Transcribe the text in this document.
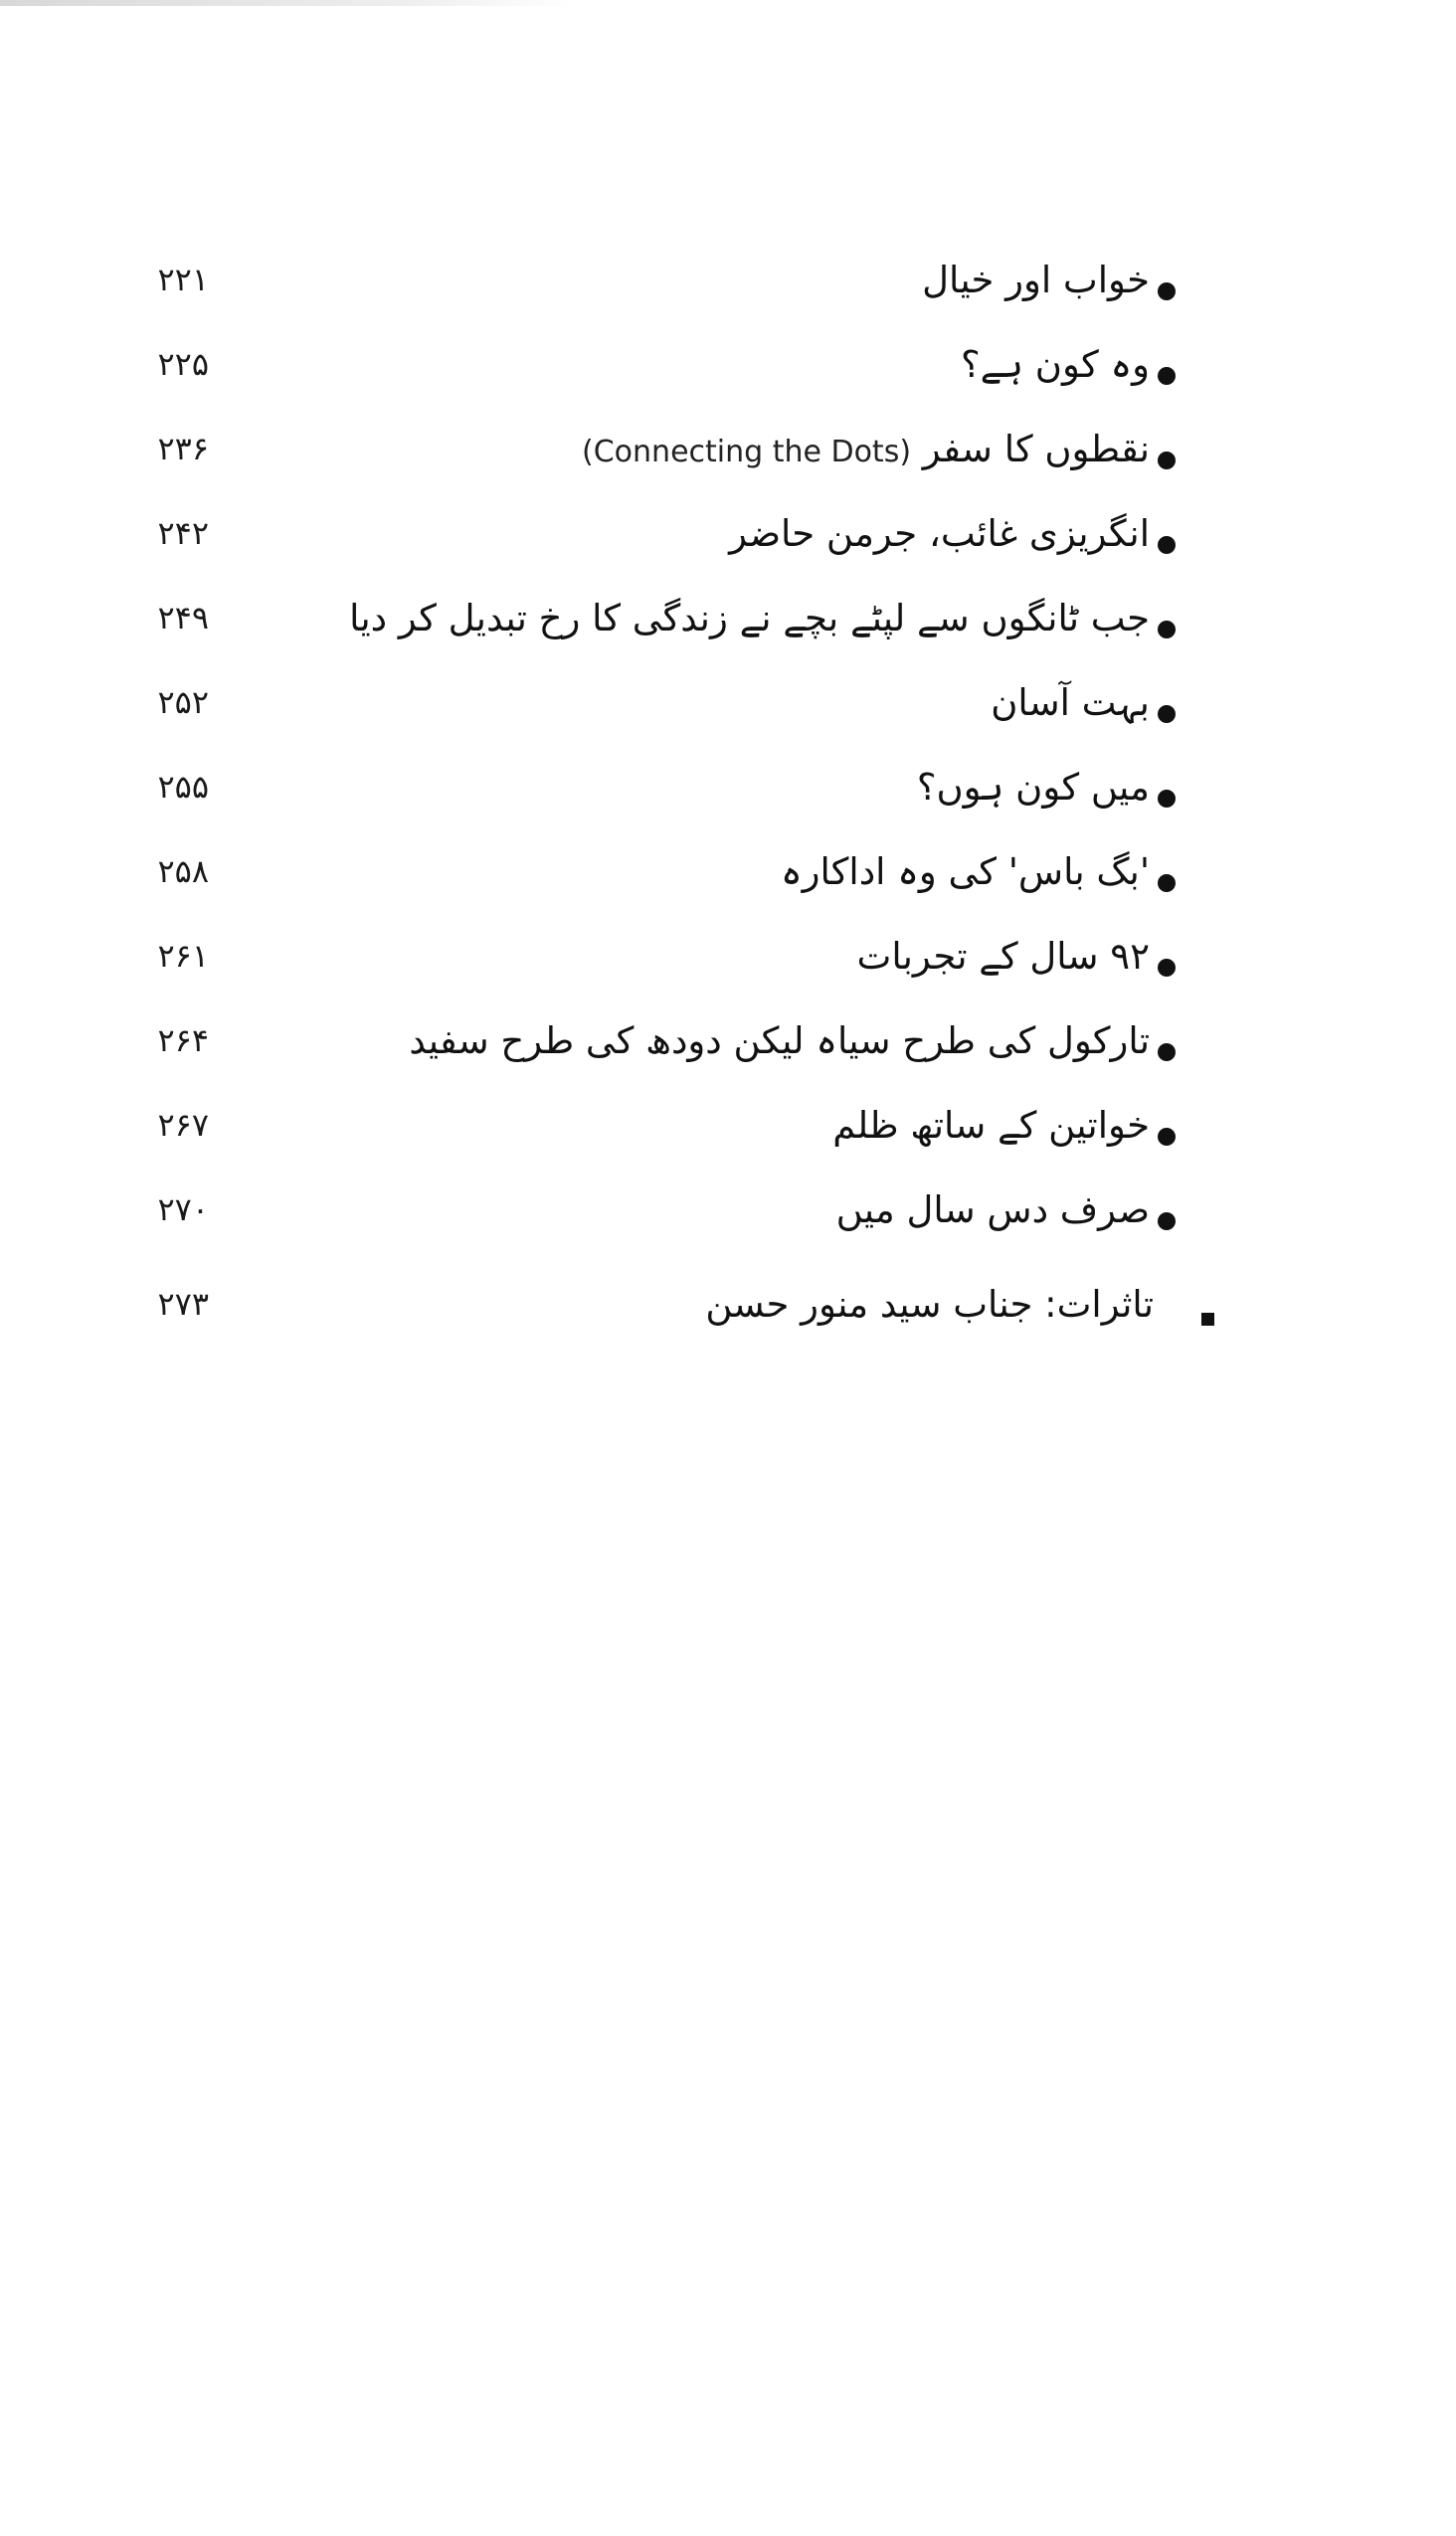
۲۲۱	خواب اور خیال
۲۲۵	وہ کون ہے؟
۲۳۶	نقطوں کا سفر (Connecting the Dots)
۲۴۲	انگریزی غائب، جرمن حاضر
۲۴۹	جب ٹانگوں سے لپٹے بچے نے زندگی کا رخ تبدیل کر دیا
۲۵۲	بہت آسان
۲۵۵	میں کون ہوں؟
۲۵۸	'بگ باس' کی وہ اداکارہ
۲۶۱	۹۲ سال کے تجربات
۲۶۴	تارکول کی طرح سیاہ لیکن دودھ کی طرح سفید
۲۶۷	خواتین کے ساتھ ظلم
۲۷۰	صرف دس سال میں
۲۷۳	تاثرات: جناب سید منور حسن
